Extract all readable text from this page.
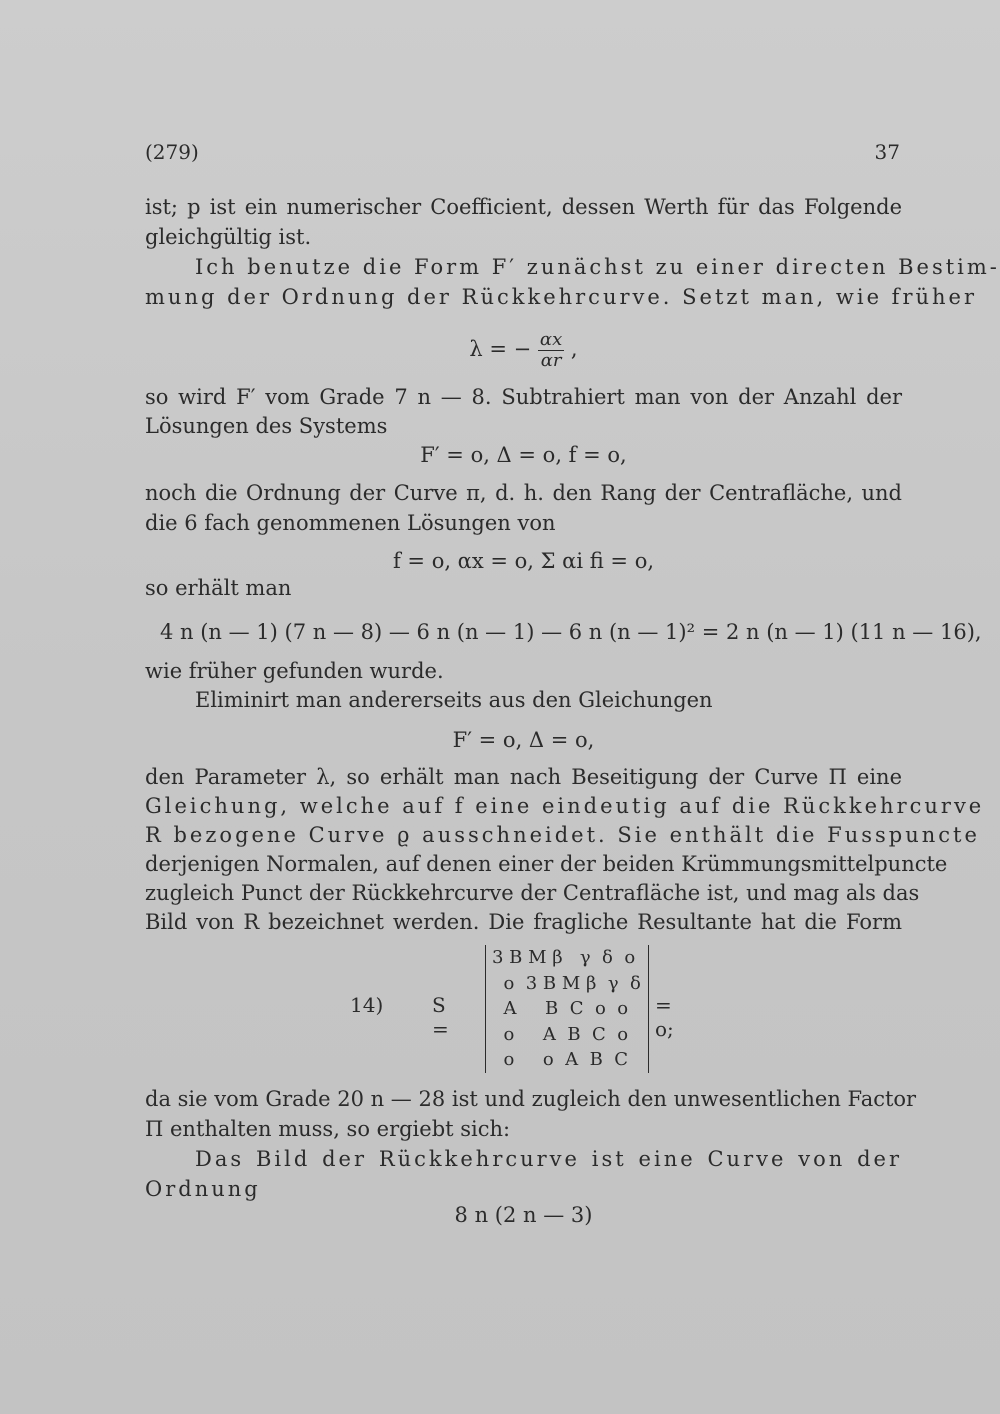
(279)	37
ist; p ist ein numerischer Coefficient, dessen Werth für das Folgende
gleichgültig ist.
Ich benutze die Form F′ zunächst zu einer directen Bestim-
mung der Ordnung der Rückkehrcurve. Setzt man, wie früher
λ = − $\frac{\alpha x}{\alpha r}$ ,
so wird F′ vom Grade 7 n — 8. Subtrahiert man von der Anzahl der
Lösungen des Systems
F′ = o, Δ = o, f = o,
noch die Ordnung der Curve π, d. h. den Rang der Centrafläche, und
die 6 fach genommenen Lösungen von
f = o, αx = o, Σ αi fi = o,
so erhält man
4 n (n — 1) (7 n — 8) — 6 n (n — 1) — 6 n (n — 1)² = 2 n (n — 1) (11 n — 16),
wie früher gefunden wurde.
Eliminirt man andererseits aus den Gleichungen
F′ = o, Δ = o,
den Parameter λ, so erhält man nach Beseitigung der Curve Π eine
Gleichung, welche auf f eine eindeutig auf die Rückkehrcurve
R bezogene Curve ϱ ausschneidet. Sie enthält die Fusspuncte
derjenigen Normalen, auf denen einer der beiden Krümmungsmittelpuncte
zugleich Punct der Rückkehrcurve der Centrafläche ist, und mag als das
Bild von R bezeichnet werden. Die fragliche Resultante hat die Form
14) S =
3 B M β   γ  δ  o
o  3 B M β  γ  δ
A     B  C  o  o
o     A  B  C  o
o     o  A  B  C
= o;
da sie vom Grade 20 n — 28 ist und zugleich den unwesentlichen Factor
Π enthalten muss, so ergiebt sich:
Das Bild der Rückkehrcurve ist eine Curve von der
Ordnung
8 n (2 n — 3)
